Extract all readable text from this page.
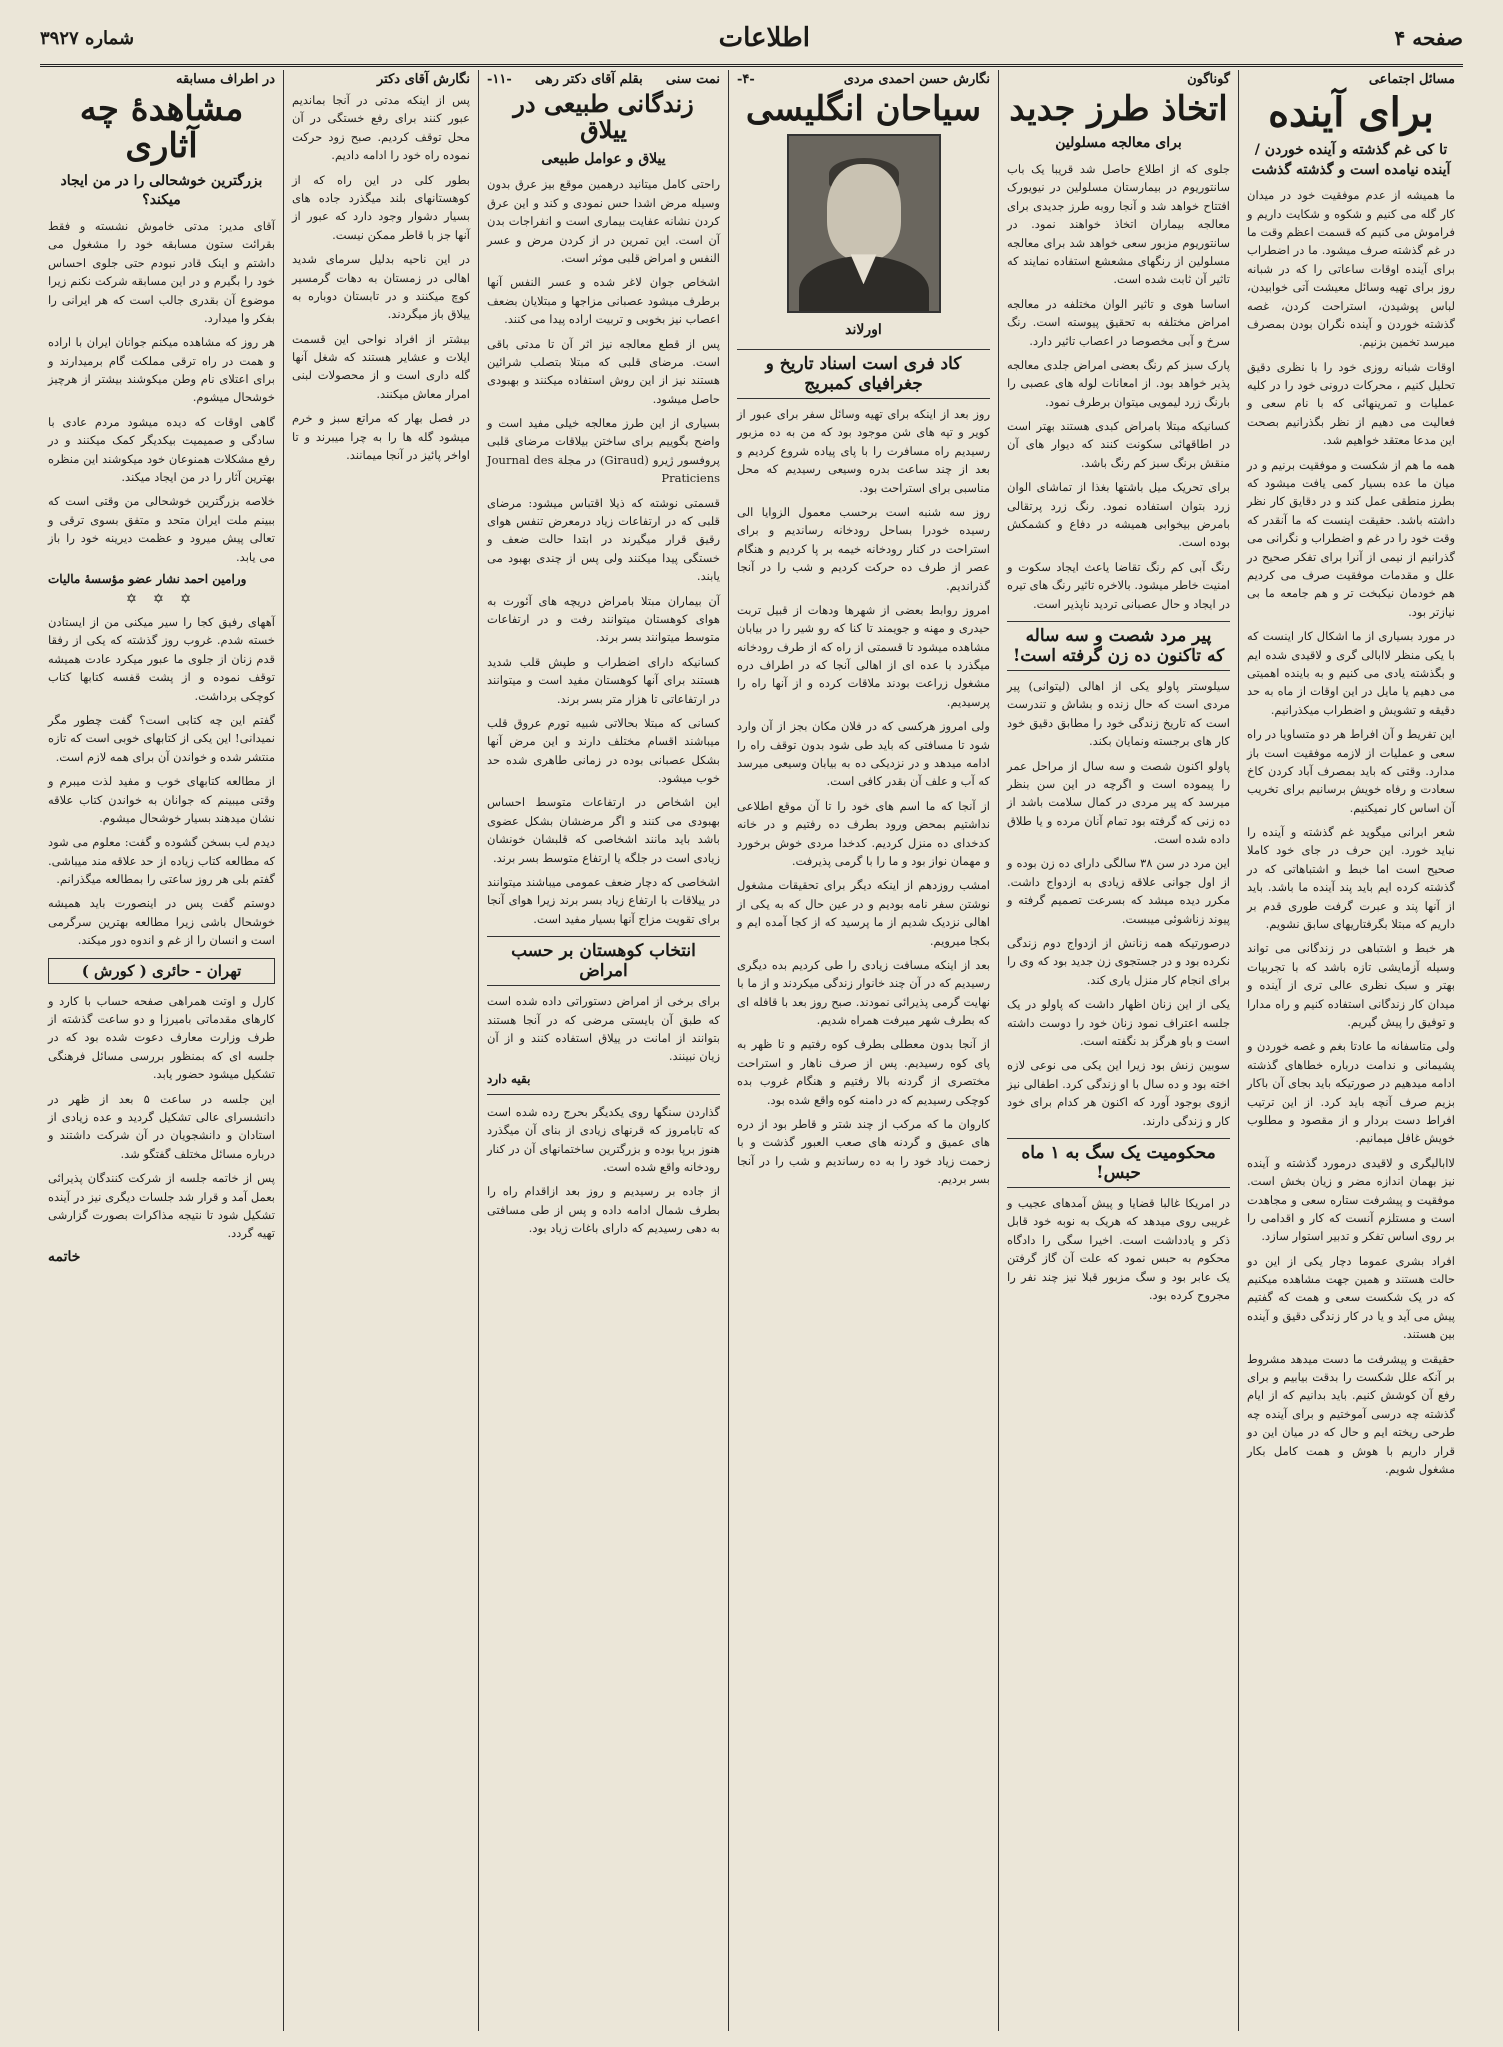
صفحه ۴
اطلاعات
شماره ۳۹۲۷
مسائل اجتماعی
برای آینده
تا کی غم گذشته و آینده خوردن / آینده نیامده است و گذشته گذشت

ما همیشه از عدم موفقیت خود در میدان کار گله می کنیم و شکوه و شکایت داریم و فراموش می کنیم که قسمت اعظم وقت ما در غم گذشته صرف میشود. ما در اضطراب برای آینده اوقات ساعاتی را که در شبانه روز برای تهیه وسائل معیشت آتی خوابیدن، لباس پوشیدن، استراحت کردن، غصه گذشته خوردن و آینده نگران بودن بمصرف میرسد تخمین بزنیم.

اوقات شبانه روزی خود را با نظری دقیق تحلیل کنیم ، محرکات درونی خود را در کلیه عملیات و تمرینهائی که با نام سعی و فعالیت می دهیم از نظر بگذرانیم بصحت این مدعا معتقد خواهیم شد.

همه ما هم از شکست و موفقیت برنیم و در میان ما عده بسیار کمی یافت میشود که بطرز منطقی عمل کند و در دقایق کار نظر داشته باشد. حقیقت اینست که ما آنقدر که وقت خود را در غم و اضطراب و نگرانی می گذرانیم از نیمی از آنرا برای تفکر صحیح در علل و مقدمات موفقیت صرف می کردیم هم خودمان نیکبخت تر و هم جامعه ما بی نیازتر بود.

در مورد بسیاری از ما اشکال کار اینست که با یکی منظر لاابالی گری و لاقیدی شده ایم و بگذشته یادی می کنیم و به باینده اهمیتی می دهیم یا مایل در این اوقات از ماه به حد دقیقه و تشویش و اضطراب میکذرانیم.

این تفریط و آن افراط هر دو متساویا در راه سعی و عملیات از لازمه موفقیت است باز مدارد. وقتی که باید بمصرف آباد کردن کاخ سعادت و رفاه خویش برسانیم برای تخریب آن اساس کار نمیکنیم.

شعر ابرانی میگوید غم گذشته و آینده را نباید خورد. این حرف در جای خود کاملا صحیح است اما خبط و اشتباهاتی که در گذشته کرده ایم باید پند آینده ما باشد. باید از آنها پند و عبرت گرفت طوری قدم بر داریم که مبتلا بگرفتاریهای سابق نشویم.

هر خبط و اشتباهی در زندگانی می تواند وسیله آزمایشی تازه باشد که با تجربیات بهتر و سبک نظری عالی تری از آینده و میدان کار زندگانی استفاده کنیم و راه مدارا و توفیق را پیش گیریم.

ولی متاسفانه ما عادتا بغم و غصه خوردن و پشیمانی و ندامت درباره خطاهای گذشته ادامه میدهیم در صورتیکه باید بجای آن باکار بزیم صرف آنچه باید کرد. از این ترتیب افراط دست بردار و از مقصود و مطلوب خویش غافل میمانیم.

لاابالیگری و لاقیدی درمورد گذشته و آینده نیز بهمان اندازه مضر و زیان بخش است. موفقیت و پیشرفت ستاره سعی و مجاهدت است و مستلزم آنست که کار و اقدامی را بر روی اساس تفکر و تدبیر استوار سازد.

افراد بشری عموما دچار یکی از این دو حالت هستند و همین جهت مشاهده میکنیم که در یک شکست سعی و همت که گفتیم پیش می آید و یا در کار زندگی دقیق و آینده بین هستند.

حقیقت و پیشرفت ما دست میدهد مشروط بر آنکه علل شکست را بدقت بیابیم و برای رفع آن کوشش کنیم. باید بدانیم که از ایام گذشته چه درسی آموختیم و برای آینده چه طرحی ریخته ایم و حال که در میان این دو قرار داریم با هوش و همت کامل بکار مشغول شویم.

گوناگون
اتخاذ طرز جدید
برای معالجه مسلولین

جلوی که از اطلاع حاصل شد قریبا یک باب سانتوریوم در بیمارستان مسلولین در نیویورک افتتاح خواهد شد و آنجا روبه طرز جدیدی برای معالجه بیماران اتخاذ خواهند نمود. در سانتوریوم مزبور سعی خواهد شد برای معالجه مسلولین از رنگهای مشعشع استفاده نمایند که تاثیر آن ثابت شده است.

اساسا هوی و تاثیر الوان مختلفه در معالجه امراض مختلفه به تحقیق پیوسته است. رنگ سرخ و آبی مخصوصا در اعصاب تاثیر دارد.

پارک سبز کم رنگ بعضی امراض جلدی معالجه پذیر خواهد بود. از امعانات لوله های عصبی را بارنگ زرد لیمویی میتوان برطرف نمود.

کسانیکه مبتلا بامراض کبدی هستند بهتر است در اطاقهائی سکونت کنند که دیوار های آن منقش برنگ سبز کم رنگ باشد.

برای تحریک میل باشتها بغذا از تماشای الوان زرد بتوان استفاده نمود. رنگ زرد پرتقالی بامرض بیخوابی همیشه در دفاع و کشمکش بوده است.

رنگ آبی کم رنگ تقاضا یاعث ایجاد سکوت و امنیت خاطر میشود. بالاخره تاثیر رنگ های تیره در ایجاد و حال عصبانی تردید ناپذیر است.

پیر مرد شصت و سه ساله
که تاکنون ده زن گرفته است!

سیلوستر پاولو یکی از اهالی (لیتوانی) پیر مردی است که حال زنده و بشاش و تندرست است که تاریخ زندگی خود را مطابق دقیق خود کار های برجسته ونمایان بکند.

پاولو اکنون شصت و سه سال از مراحل عمر را پیموده است و اگرچه در این سن بنظر میرسد که پیر مردی در کمال سلامت باشد از ده زنی که گرفته بود تمام آنان مرده و یا طلاق داده شده است.

این مرد در سن ۳۸ سالگی دارای ده زن بوده و از اول جوانی علاقه زیادی به ازدواج داشت. مکرر دیده میشد که بسرعت تصمیم گرفته و پیوند زناشوئی میبست.

درصورتیکه همه زنانش از ازدواج دوم زندگی نکرده بود و در جستجوی زن جدید بود که وی را برای انجام کار منزل یاری کند.

یکی از این زنان اظهار داشت که پاولو در یک جلسه اعتراف نمود زنان خود را دوست داشته است و باو هرگز بد نگفته است.

سوبین زنش بود زیرا این یکی می نوعی لازه اخته بود و ده سال با او زندگی کرد. اطفالی نیز ازوی بوجود آورد که اکنون هر کدام برای خود کار و زندگی دارند.

محکومیت یک سگ به ۱ ماه حبس!

در امریکا غالبا قضایا و پیش آمدهای عجیب و غریبی روی میدهد که هریک به نوبه خود قابل ذکر و یادداشت است. اخیرا سگی را دادگاه محکوم به حبس نمود که علت آن گاز گرفتن یک عابر بود و سگ مزبور قبلا نیز چند نفر را مجروح کرده بود.

نگارش حسن احمدی مردی
-۴-
سیاحان انگلیسی
اورلاند
کاد فری است اسناد تاریخ و جغرافیای کمبریج

روز بعد از اینکه برای تهیه وسائل سفر برای عبور از کویر و تپه های شن موجود بود که من به ده مزبور رسیدیم راه مسافرت را با پای پیاده شروع کردیم و بعد از چند ساعت بدره وسیعی رسیدیم که محل مناسبی برای استراحت بود.

روز سه شنبه است برحسب معمول الزوایا الی رسیده خودرا بساحل رودخانه رساندیم و برای استراحت در کنار رودخانه خیمه بر پا کردیم و هنگام عصر از طرف ده حرکت کردیم و شب را در آنجا گذراندیم.

امروز روابط بعضی از شهرها ودهات از قبیل تربت حیدری و مهنه و جویمند تا کنا که رو شیر را در بیابان مشاهده میشود تا قسمتی از راه که از طرف رودخانه میگذرد با عده ای از اهالی آنجا که در اطراف دره مشغول زراعت بودند ملاقات کرده و از آنها راه را پرسیدیم.

ولی امروز هرکسی که در فلان مکان بجز از آن وارد شود تا مسافتی که باید طی شود بدون توقف راه را ادامه میدهد و در نزدیکی ده به بیابان وسیعی میرسد که آب و علف آن بقدر کافی است.

از آنجا که ما اسم های خود را تا آن موقع اطلاعی نداشتیم بمحض ورود بطرف ده رفتیم و در خانه کدخدای ده منزل کردیم. کدخدا مردی خوش برخورد و مهمان نواز بود و ما را با گرمی پذیرفت.

امشب روزدهم از اینکه دیگر برای تحقیقات مشغول نوشتن سفر نامه بودیم و در عین حال که به یکی از اهالی نزدیک شدیم از ما پرسید که از کجا آمده ایم و بکجا میرویم.

بعد از اینکه مسافت زیادی را طی کردیم بده دیگری رسیدیم که در آن چند خانوار زندگی میکردند و از ما با نهایت گرمی پذیرائی نمودند. صبح روز بعد با قافله ای که بطرف شهر میرفت همراه شدیم.

از آنجا بدون معطلی بطرف کوه رفتیم و تا ظهر به پای کوه رسیدیم. پس از صرف ناهار و استراحت مختصری از گردنه بالا رفتیم و هنگام غروب بده کوچکی رسیدیم که در دامنه کوه واقع شده بود.

کاروان ما که مرکب از چند شتر و قاطر بود از دره های عمیق و گردنه های صعب العبور گذشت و با زحمت زیاد خود را به ده رساندیم و شب را در آنجا بسر بردیم.

نمت سنی
بقلم آقای دکتر رهی
-۱۱-
زندگانی طبیعی در ییلاق
ییلاق و عوامل طبیعی

راحتی کامل میتانید درهمین موقع بیز عرق بدون وسیله مرض اشدا حس نمودی و کند و این عرق کردن نشانه عفایت بیماری است و انفراجات بدن آن است. این تمرین در از کردن مرض و عسر النفس و امراض قلبی موثر است.

اشخاص جوان لاغر شده و عسر النفس آنها برطرف میشود عصبانی مزاجها و مبتلایان بضعف اعصاب نیز بخوبی و تربیت اراده پیدا می کنند.

پس از قطع معالجه نیز اثر آن تا مدتی باقی است. مرضای قلبی که مبتلا بتصلب شرائین هستند نیز از این روش استفاده میکنند و بهبودی حاصل میشود.

بسیاری از این طرز معالجه خیلی مفید است و واضح بگوییم برای ساختن بیلاقات مرضای قلبی پروفسور ژیرو (Giraud) در مجلة Journal des Praticiens

قسمتی نوشته که ذیلا اقتباس میشود: مرضای قلبی که در ارتفاعات زیاد درمعرض تنفس هوای رقیق قرار میگیرند در ابتدا حالت ضعف و خستگی پیدا میکنند ولی پس از چندی بهبود می یابند.

آن بیماران مبتلا بامراض دریچه های آئورت به هوای کوهستان میتوانند رفت و در ارتفاعات متوسط میتوانند بسر برند.

کسانیکه دارای اضطراب و طپش قلب شدید هستند برای آنها کوهستان مفید است و میتوانند در ارتفاعاتی تا هزار متر بسر برند.

کسانی که مبتلا بحالاتی شبیه تورم عروق قلب میباشند اقسام مختلف دارند و این مرض آنها بشکل عصبانی بوده در زمانی طاهری شده حد خوب میشود.

این اشخاص در ارتفاعات متوسط احساس بهبودی می کنند و اگر مرضشان بشکل عضوی باشد باید مانند اشخاصی که قلبشان خونشان زیادی است در جلگه یا ارتفاع متوسط بسر برند.

اشخاصی که دچار ضعف عمومی میباشند میتوانند در ییلاقات با ارتفاع زیاد بسر برند زیرا هوای آنجا برای تقویت مزاج آنها بسیار مفید است.

انتخاب کوهستان بر حسب امراض

برای برخی از امراض دستوراتی داده شده است که طبق آن بایستی مرضی که در آنجا هستند بتوانند از امانت در ییلاق استفاده کنند و از آن زیان نبینند.

بقیه دارد

گذاردن سنگها روی یکدیگر بحرج رده شده است که تابامروز که قرنهای زیادی از بنای آن میگذرد هنوز برپا بوده و بزرگترین ساختمانهای آن در کنار رودخانه واقع شده است.

از جاده بر رسیدیم و روز بعد ازاقدام راه را بطرف شمال ادامه داده و پس از طی مسافتی به دهی رسیدیم که دارای باغات زیاد بود.

نگارش آقای دکتر

پس از اینکه مدتی در آنجا بماندیم عبور کنند برای رفع خستگی در آن محل توقف کردیم. صبح زود حرکت نموده راه خود را ادامه دادیم.

بطور کلی در این راه که از کوهستانهای بلند میگذرد جاده های بسیار دشوار وجود دارد که عبور از آنها جز با قاطر ممکن نیست.

در این ناحیه بدلیل سرمای شدید اهالی در زمستان به دهات گرمسیر کوچ میکنند و در تابستان دوباره به ییلاق باز میگردند.

بیشتر از افراد نواحی این قسمت ایلات و عشایر هستند که شغل آنها گله داری است و از محصولات لبنی امرار معاش میکنند.

در فصل بهار که مراتع سبز و خرم میشود گله ها را به چرا میبرند و تا اواخر پائیز در آنجا میمانند.

در اطراف مسابقه
مشاهدهٔ چه آثاری
بزرگترین خوشحالی را در من ایجاد میکند؟

آقای مدیر: مدتی خاموش نشسته و فقط بقرائت ستون مسابقه خود را مشغول می داشتم و اینک قادر نبودم حتی جلوی احساس خود را بگیرم و در این مسابقه شرکت نکنم زیرا موضوع آن بقدری جالب است که هر ایرانی را بفکر وا میدارد.

هر روز که مشاهده میکنم جوانان ایران با اراده و همت در راه ترقی مملکت گام برمیدارند و برای اعتلای نام وطن میکوشند بیشتر از هرچیز خوشحال میشوم.

گاهی اوقات که دیده میشود مردم عادی با سادگی و صمیمیت بیکدیگر کمک میکنند و در رفع مشکلات همنوعان خود میکوشند این منظره بهترین آثار را در من ایجاد میکند.

خلاصه بزرگترین خوشحالی من وقتی است که ببینم ملت ایران متحد و متفق بسوی ترقی و تعالی پیش میرود و عظمت دیرینه خود را باز می یابد.

ورامین احمد نشار عضو مؤسسهٔ مالیات
✡ ✡ ✡

آههای رفیق کجا را سیر میکنی من از ایستادن خسته شدم. غروب روز گذشته که یکی از رفقا قدم زنان از جلوی ما عبور میکرد عادت همیشه توقف نموده و از پشت قفسه کتابها کتاب کوچکی برداشت.

گفتم این چه کتابی است؟ گفت چطور مگر نمیدانی! این یکی از کتابهای خوبی است که تازه منتشر شده و خواندن آن برای همه لازم است.

از مطالعه کتابهای خوب و مفید لذت میبرم و وقتی میبینم که جوانان به خواندن کتاب علاقه نشان میدهند بسیار خوشحال میشوم.

دیدم لب بسخن گشوده و گفت: معلوم می شود که مطالعه کتاب زیاده از حد علاقه مند میباشی. گفتم بلی هر روز ساعتی را بمطالعه میگذرانم.

دوستم گفت پس در اینصورت باید همیشه خوشحال باشی زیرا مطالعه بهترین سرگرمی است و انسان را از غم و اندوه دور میکند.

تهران - حائری ( کورش )

کارل و اوتت همراهی صفحه حساب با کارد و کارهای مقدماتی بامیرزا و دو ساعت گذشته از طرف وزارت معارف دعوت شده بود که در جلسه ای که بمنظور بررسی مسائل فرهنگی تشکیل میشود حضور یابد.

این جلسه در ساعت ۵ بعد از ظهر در دانشسرای عالی تشکیل گردید و عده زیادی از استادان و دانشجویان در آن شرکت داشتند و درباره مسائل مختلف گفتگو شد.

پس از خاتمه جلسه از شرکت کنندگان پذیرائی بعمل آمد و قرار شد جلسات دیگری نیز در آینده تشکیل شود تا نتیجه مذاکرات بصورت گزارشی تهیه گردد.

خاتمه
